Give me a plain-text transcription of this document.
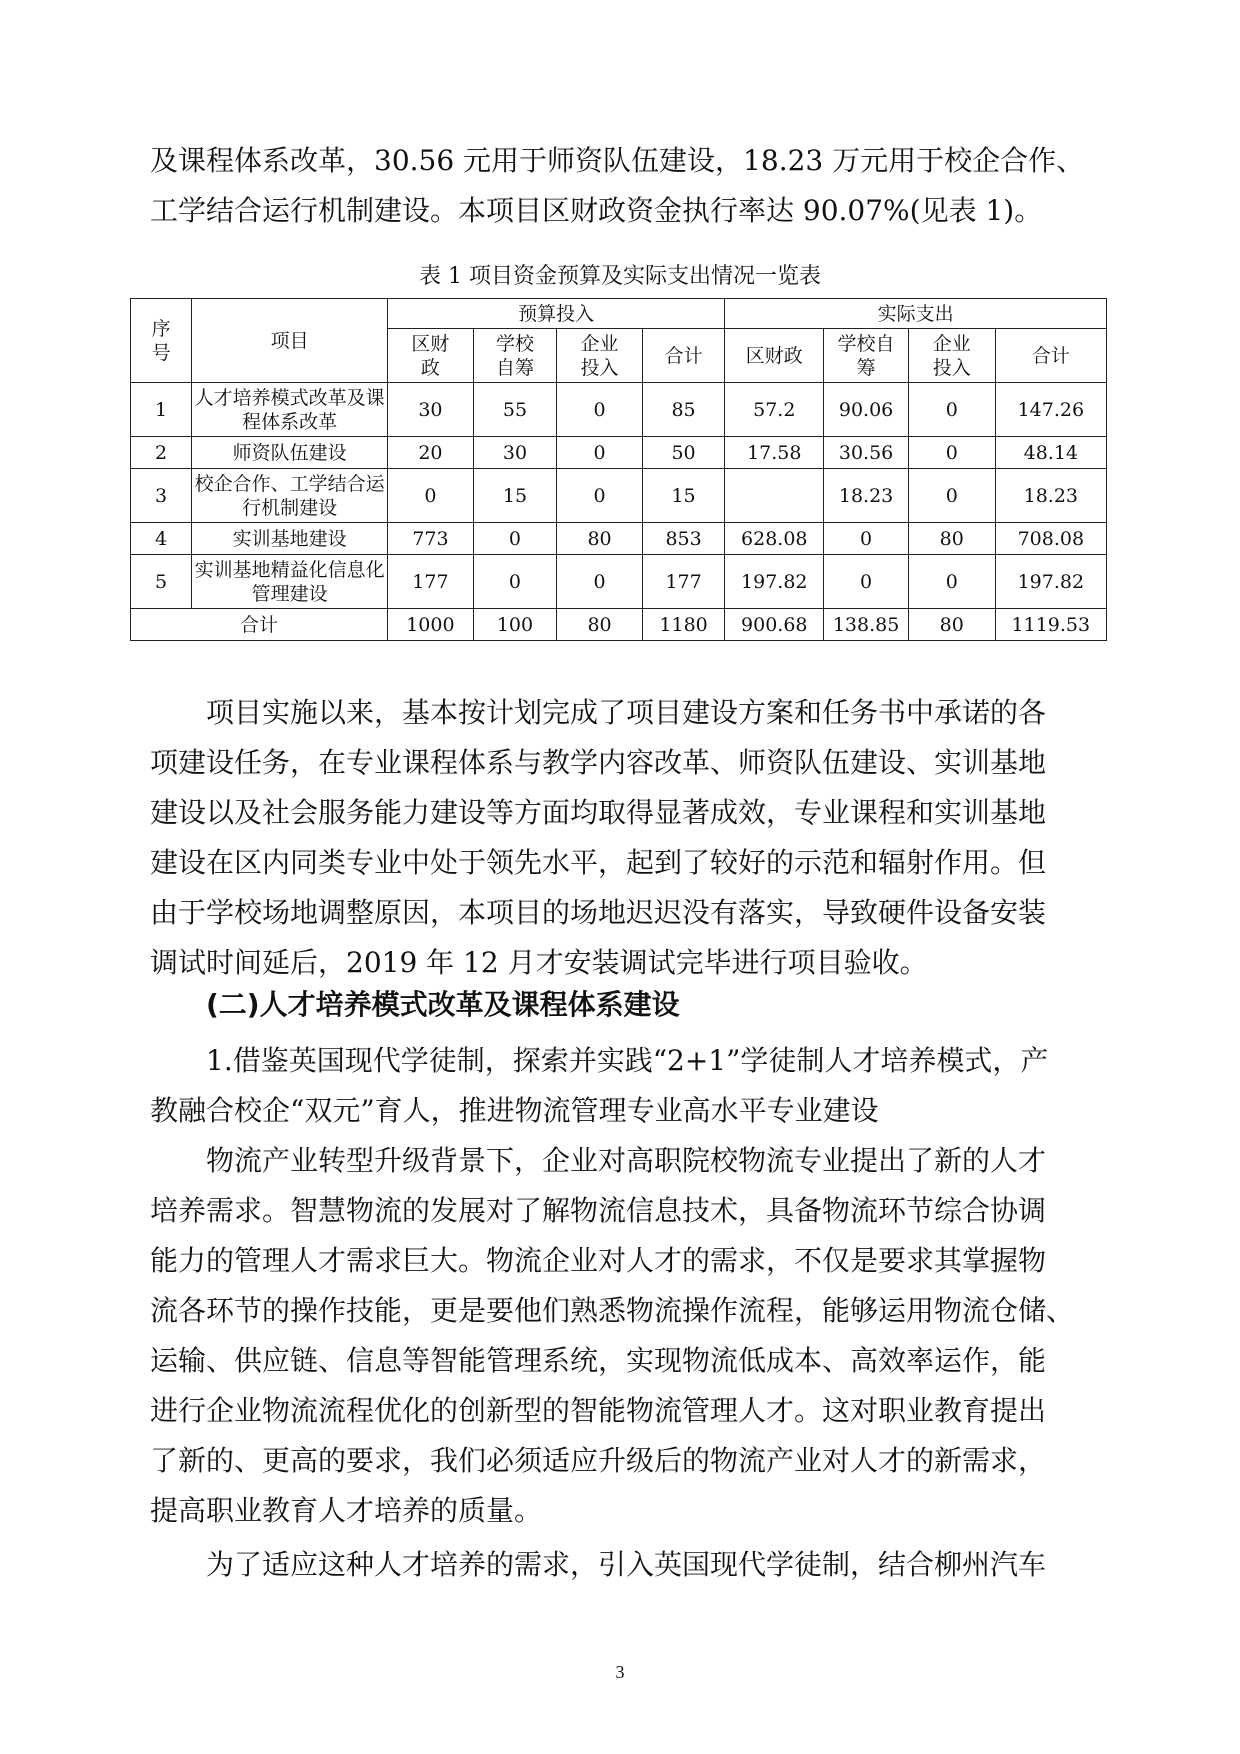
及课程体系改革，30.56 元用于师资队伍建设，18.23 万元用于校企合作、
工学结合运行机制建设。本项目区财政资金执行率达 90.07%(见表 1)。

表 1 项目资金预算及实际支出情况一览表
序号	项目	预算投入				实际支出			
		区财政	学校自筹	企业投入	合计	区财政	学校自筹	企业投入	合计
1	人才培养模式改革及课程体系改革	30	55	0	85	57.2	90.06	0	147.26
2	师资队伍建设	20	30	0	50	17.58	30.56	0	48.14
3	校企合作、工学结合运行机制建设	0	15	0	15		18.23	0	18.23
4	实训基地建设	773	0	80	853	628.08	0	80	708.08
5	实训基地精益化信息化管理建设	177	0	0	177	197.82	0	0	197.82
合计		1000	100	80	1180	900.68	138.85	80	1119.53

项目实施以来，基本按计划完成了项目建设方案和任务书中承诺的各
项建设任务，在专业课程体系与教学内容改革、师资队伍建设、实训基地
建设以及社会服务能力建设等方面均取得显著成效，专业课程和实训基地
建设在区内同类专业中处于领先水平，起到了较好的示范和辐射作用。但
由于学校场地调整原因，本项目的场地迟迟没有落实，导致硬件设备安装
调试时间延后，2019 年 12 月才安装调试完毕进行项目验收。

(二)人才培养模式改革及课程体系建设

1.借鉴英国现代学徒制，探索并实践“2+1”学徒制人才培养模式，产
教融合校企“双元”育人，推进物流管理专业高水平专业建设

物流产业转型升级背景下，企业对高职院校物流专业提出了新的人才
培养需求。智慧物流的发展对了解物流信息技术，具备物流环节综合协调
能力的管理人才需求巨大。物流企业对人才的需求，不仅是要求其掌握物
流各环节的操作技能，更是要他们熟悉物流操作流程，能够运用物流仓储、
运输、供应链、信息等智能管理系统，实现物流低成本、高效率运作，能
进行企业物流流程优化的创新型的智能物流管理人才。这对职业教育提出
了新的、更高的要求，我们必须适应升级后的物流产业对人才的新需求，
提高职业教育人才培养的质量。

为了适应这种人才培养的需求，引入英国现代学徒制，结合柳州汽车

3
